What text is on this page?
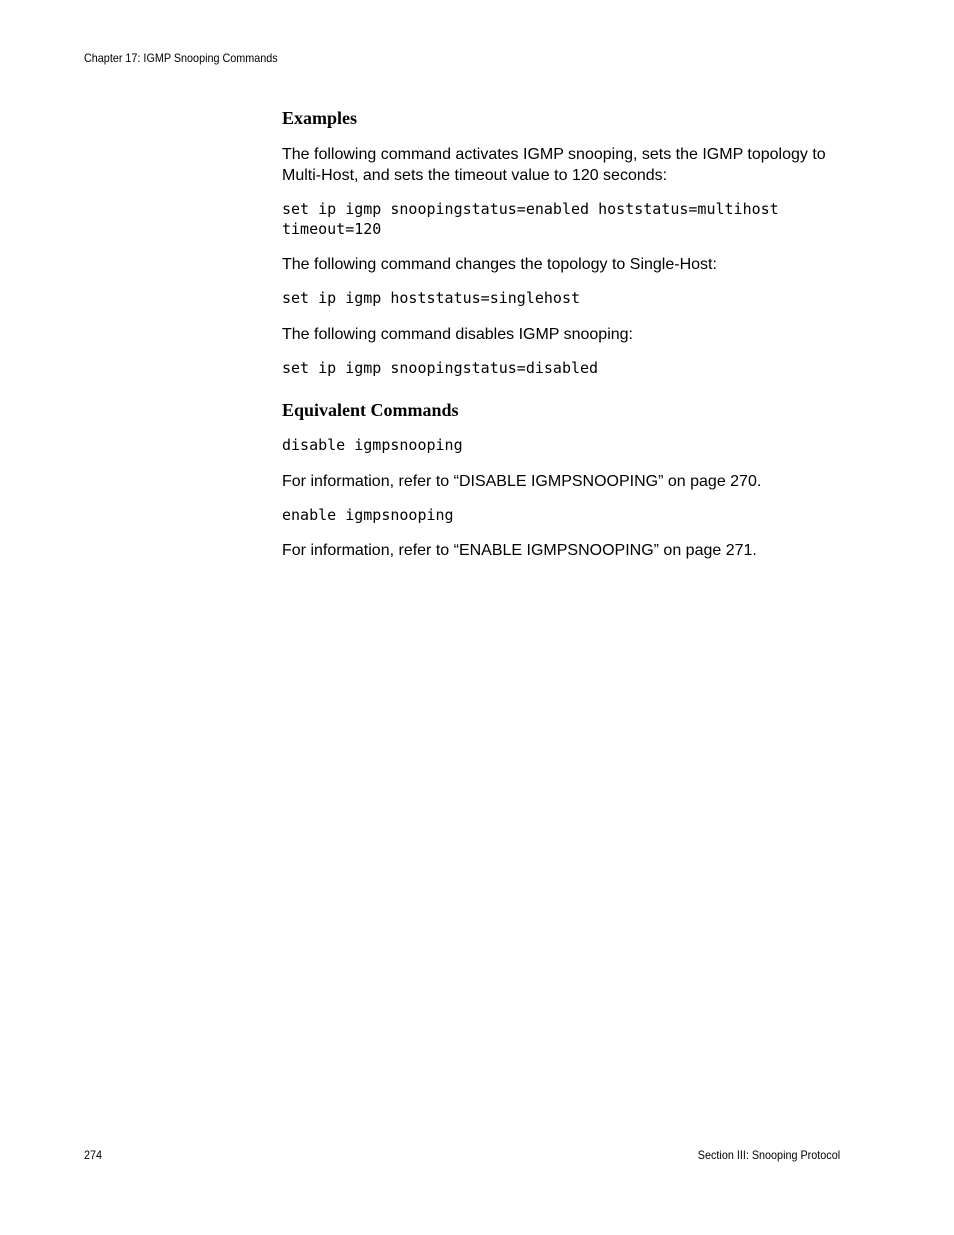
Chapter 17: IGMP Snooping Commands
Examples

The following command activates IGMP snooping, sets the IGMP topology to Multi-Host, and sets the timeout value to 120 seconds:

set ip igmp snoopingstatus=enabled hoststatus=multihost
timeout=120

The following command changes the topology to Single-Host:

set ip igmp hoststatus=singlehost

The following command disables IGMP snooping:

set ip igmp snoopingstatus=disabled
Equivalent Commands
disable igmpsnooping

For information, refer to “DISABLE IGMPSNOOPING” on page 270.

enable igmpsnooping

For information, refer to “ENABLE IGMPSNOOPING” on page 271.

274	Section III: Snooping Protocol
